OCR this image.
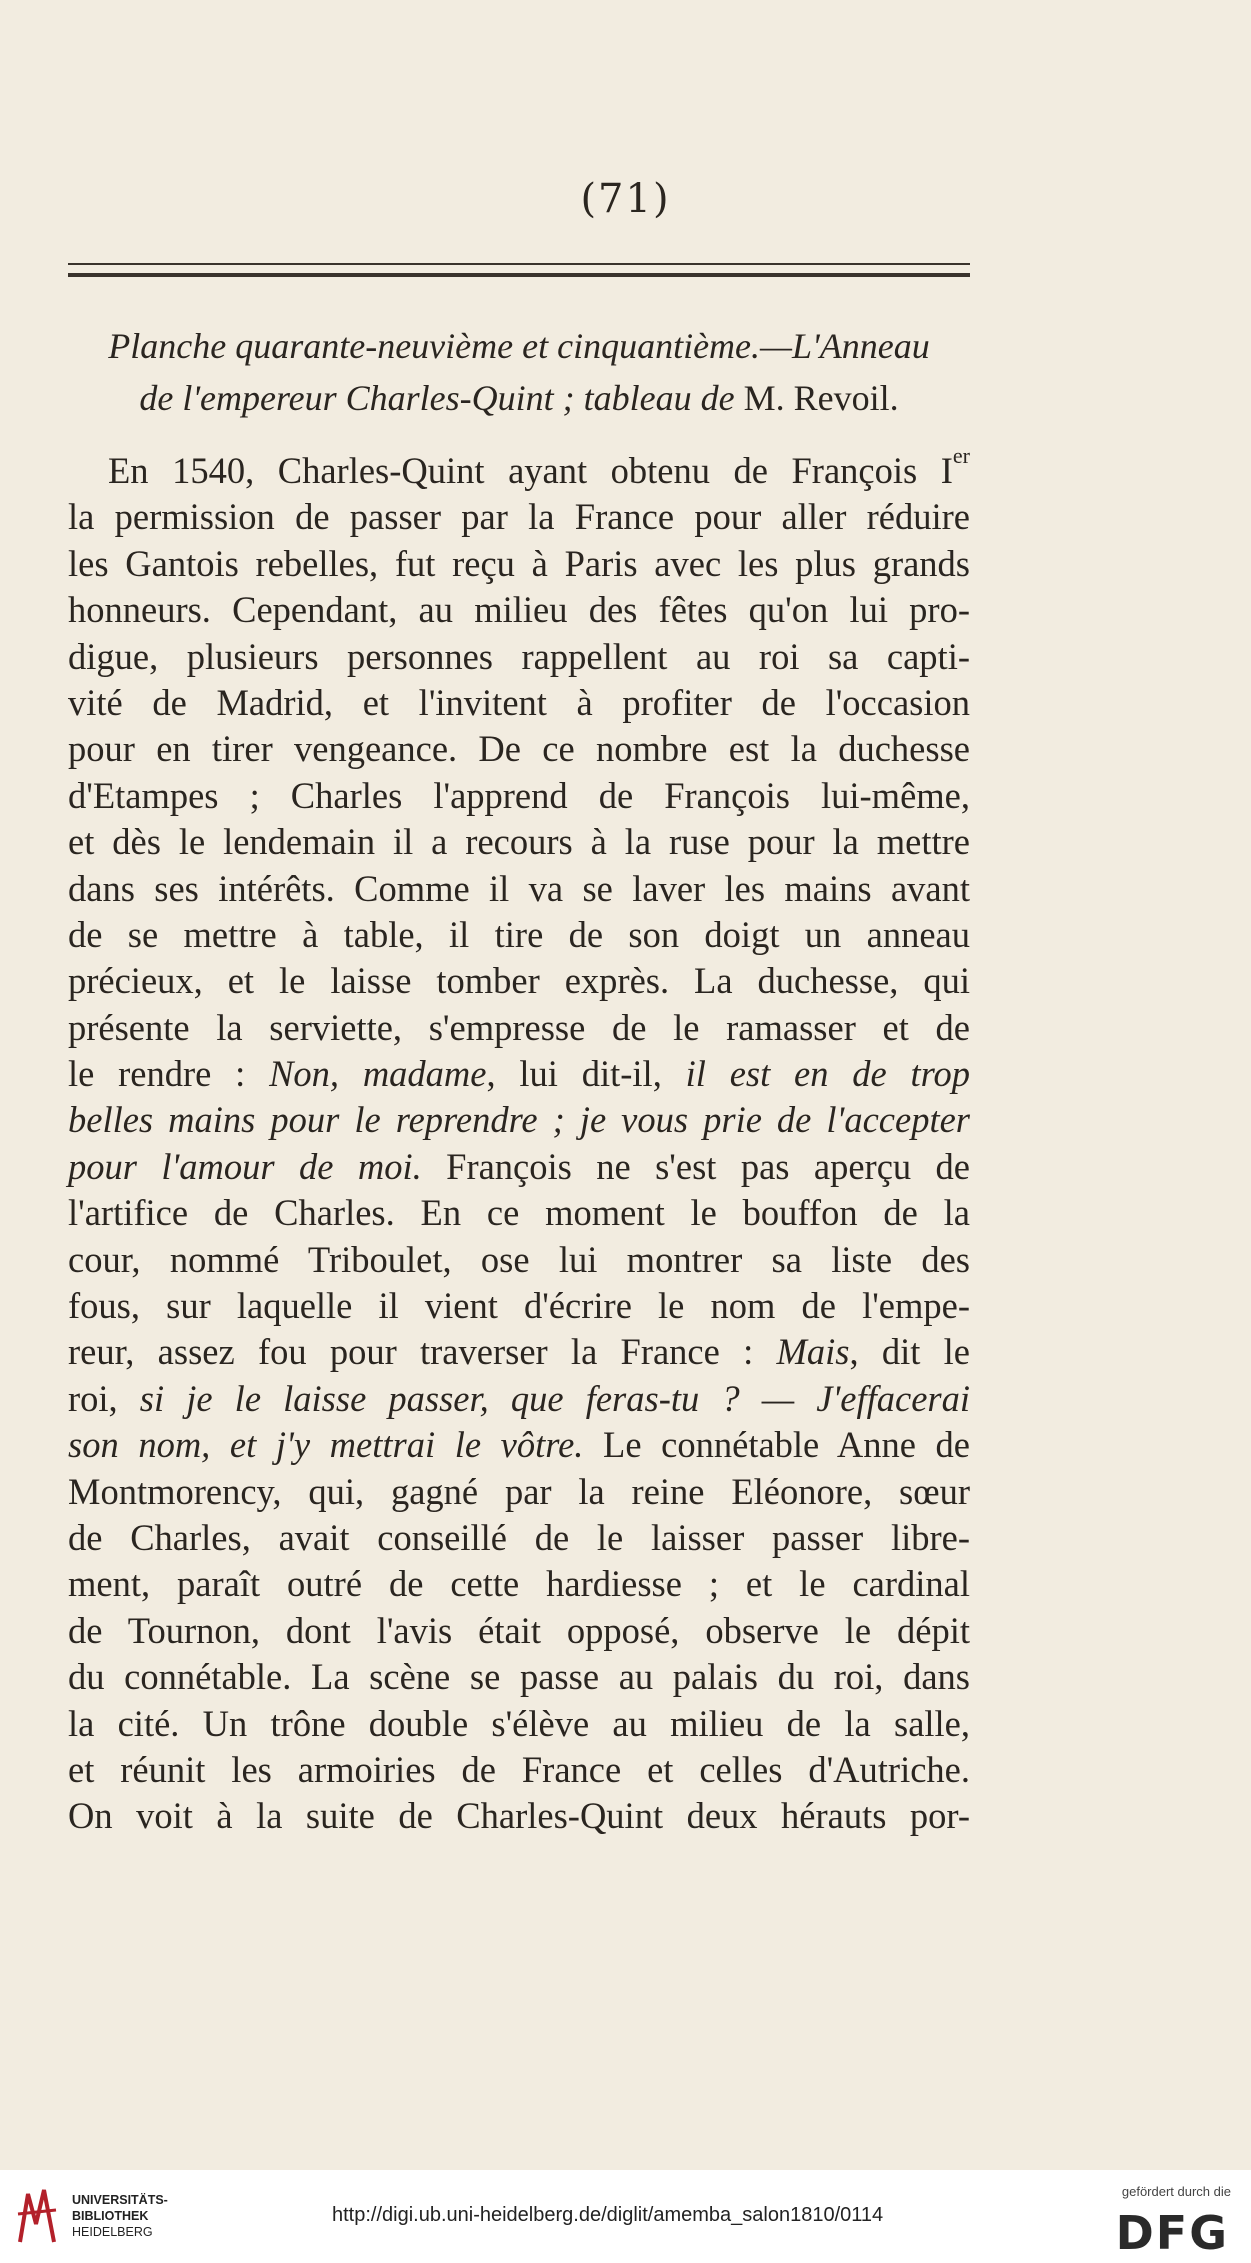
(71)
Planche quarante-neuvième et cinquantième.—L'Anneau
de l'empereur Charles-Quint ; tableau de M. Revoil.
En 1540, Charles-Quint ayant obtenu de François Ier
la permission de passer par la France pour aller réduire
les Gantois rebelles, fut reçu à Paris avec les plus grands
honneurs. Cependant, au milieu des fêtes qu'on lui pro-
digue, plusieurs personnes rappellent au roi sa capti-
vité de Madrid, et l'invitent à profiter de l'occasion
pour en tirer vengeance. De ce nombre est la duchesse
d'Etampes ; Charles l'apprend de François lui-même,
et dès le lendemain il a recours à la ruse pour la mettre
dans ses intérêts. Comme il va se laver les mains avant
de se mettre à table, il tire de son doigt un anneau
précieux, et le laisse tomber exprès. La duchesse, qui
présente la serviette, s'empresse de le ramasser et de
le rendre : Non, madame, lui dit-il, il est en de trop
belles mains pour le reprendre ; je vous prie de l'accepter
pour l'amour de moi. François ne s'est pas aperçu de
l'artifice de Charles. En ce moment le bouffon de la
cour, nommé Triboulet, ose lui montrer sa liste des
fous, sur laquelle il vient d'écrire le nom de l'empe-
reur, assez fou pour traverser la France : Mais, dit le
roi, si je le laisse passer, que feras-tu ? — J'effacerai
son nom, et j'y mettrai le vôtre. Le connétable Anne de
Montmorency, qui, gagné par la reine Eléonore, sœur
de Charles, avait conseillé de le laisser passer libre-
ment, paraît outré de cette hardiesse ; et le cardinal
de Tournon, dont l'avis était opposé, observe le dépit
du connétable. La scène se passe au palais du roi, dans
la cité. Un trône double s'élève au milieu de la salle,
et réunit les armoiries de France et celles d'Autriche.
On voit à la suite de Charles-Quint deux hérauts por-
UNIVERSITÄTS-
BIBLIOTHEK
HEIDELBERG
http://digi.ub.uni-heidelberg.de/diglit/amemba_salon1810/0114
gefördert durch die
DFG
